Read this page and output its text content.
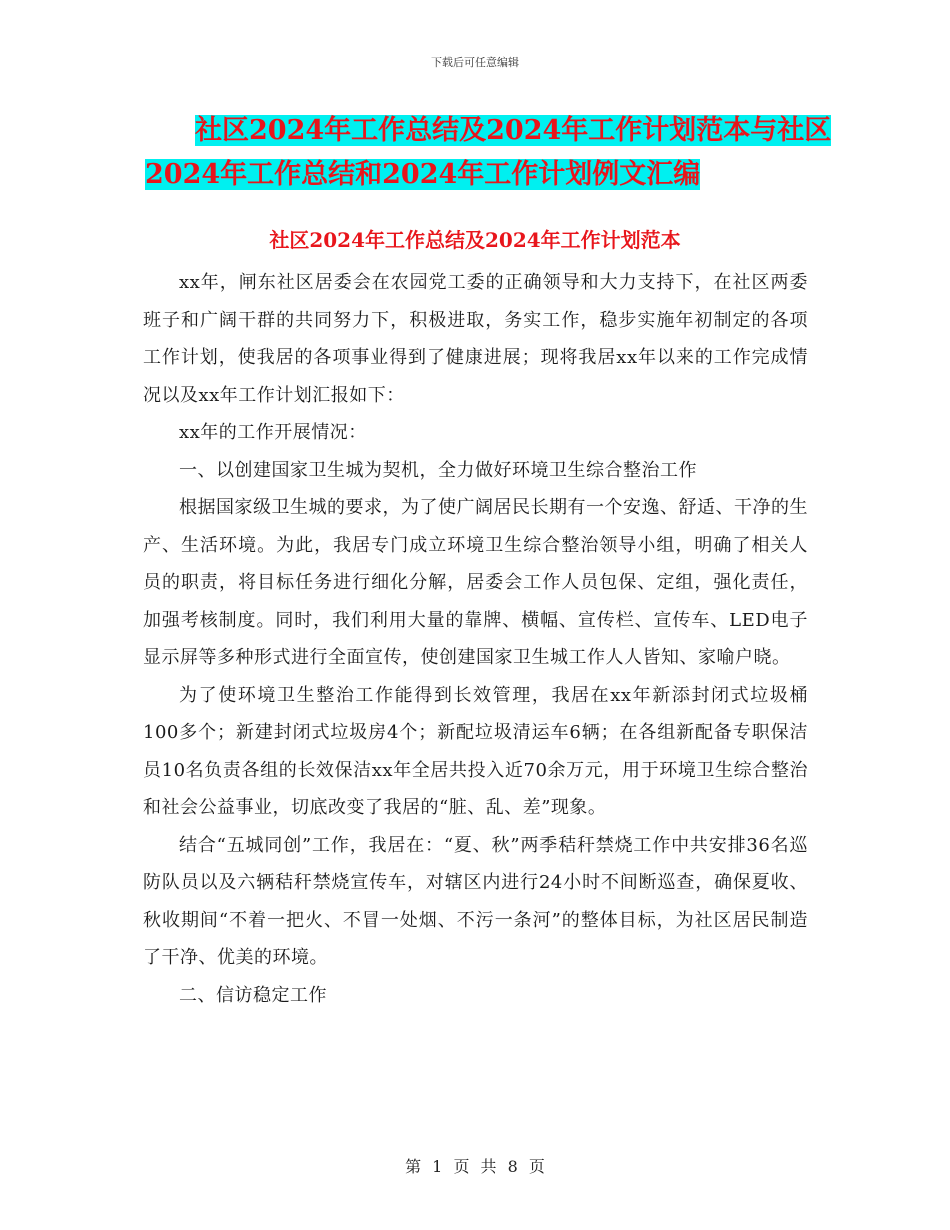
下载后可任意编辑
社区2024年工作总结及2024年工作计划范本与社区
2024年工作总结和2024年工作计划例文汇编
社区2024年工作总结及2024年工作计划范本

xx年，闸东社区居委会在农园党工委的正确领导和大力支持下，在社区两委班子和广阔干群的共同努力下，积极进取，务实工作，稳步实施年初制定的各项工作计划，使我居的各项事业得到了健康进展；现将我居xx年以来的工作完成情况以及xx年工作计划汇报如下：

xx年的工作开展情况：

一、以创建国家卫生城为契机，全力做好环境卫生综合整治工作

根据国家级卫生城的要求，为了使广阔居民长期有一个安逸、舒适、干净的生产、生活环境。为此，我居专门成立环境卫生综合整治领导小组，明确了相关人员的职责，将目标任务进行细化分解，居委会工作人员包保、定组，强化责任，加强考核制度。同时，我们利用大量的靠牌、横幅、宣传栏、宣传车、LED电子显示屏等多种形式进行全面宣传，使创建国家卫生城工作人人皆知、家喻户晓。

为了使环境卫生整治工作能得到长效管理，我居在xx年新添封闭式垃圾桶100多个；新建封闭式垃圾房4个；新配垃圾清运车6辆；在各组新配备专职保洁员10名负责各组的长效保洁xx年全居共投入近70余万元，用于环境卫生综合整治和社会公益事业，切底改变了我居的“脏、乱、差”现象。

结合“五城同创”工作，我居在：“夏、秋”两季秸秆禁烧工作中共安排36名巡防队员以及六辆秸秆禁烧宣传车，对辖区内进行24小时不间断巡查，确保夏收、秋收期间“不着一把火、不冒一处烟、不污一条河”的整体目标，为社区居民制造了干净、优美的环境。

二、信访稳定工作

第 1 页 共 8 页
